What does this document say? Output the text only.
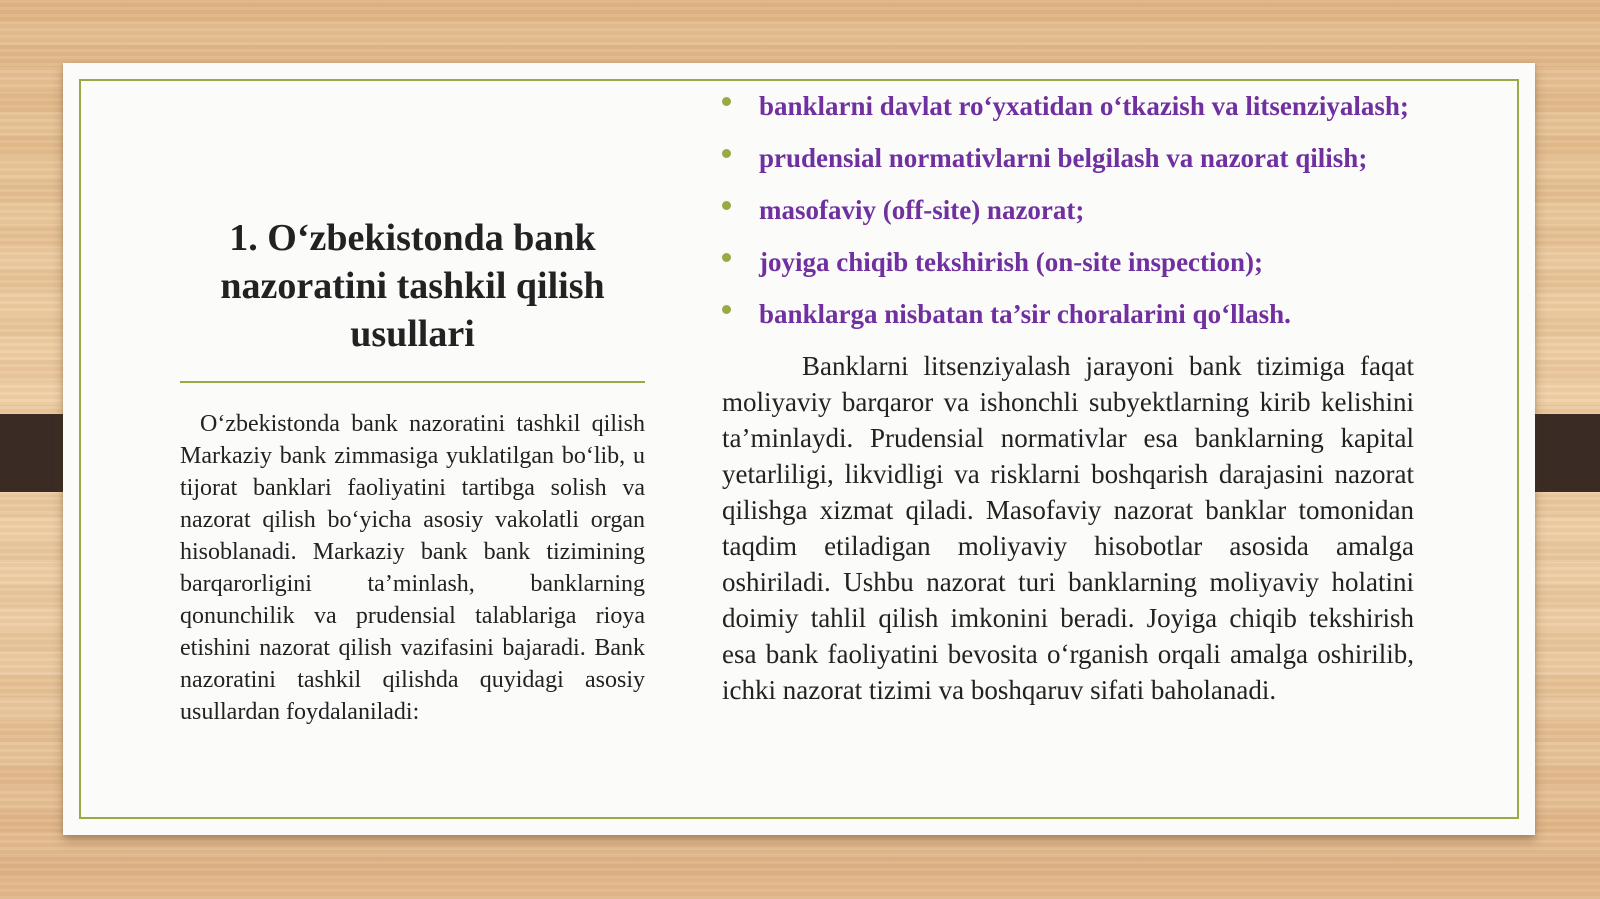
1. O‘zbekistonda bank nazoratini tashkil qilish usullari

O‘zbekistonda bank nazoratini tashkil qilish Markaziy bank zimmasiga yuklatilgan bo‘lib, u tijorat banklari faoliyatini tartibga solish va nazorat qilish bo‘yicha asosiy vakolatli organ hisoblanadi. Markaziy bank bank tizimining barqarorligini ta’minlash, banklarning qonunchilik va prudensial talablariga rioya etishini nazorat qilish vazifasini bajaradi. Bank nazoratini tashkil qilishda quyidagi asosiy usullardan foydalaniladi:

banklarni davlat ro‘yxatidan o‘tkazish va litsenziyalash;
prudensial normativlarni belgilash va nazorat qilish;
masofaviy (off-site) nazorat;
joyiga chiqib tekshirish (on-site inspection);
banklarga nisbatan ta’sir choralarini qo‘llash.

Banklarni litsenziyalash jarayoni bank tizimiga faqat moliyaviy barqaror va ishonchli subyektlarning kirib kelishini ta’minlaydi. Prudensial normativlar esa banklarning kapital yetarliligi, likvidligi va risklarni boshqarish darajasini nazorat qilishga xizmat qiladi. Masofaviy nazorat banklar tomonidan taqdim etiladigan moliyaviy hisobotlar asosida amalga oshiriladi. Ushbu nazorat turi banklarning moliyaviy holatini doimiy tahlil qilish imkonini beradi. Joyiga chiqib tekshirish esa bank faoliyatini bevosita o‘rganish orqali amalga oshirilib, ichki nazorat tizimi va boshqaruv sifati baholanadi.
